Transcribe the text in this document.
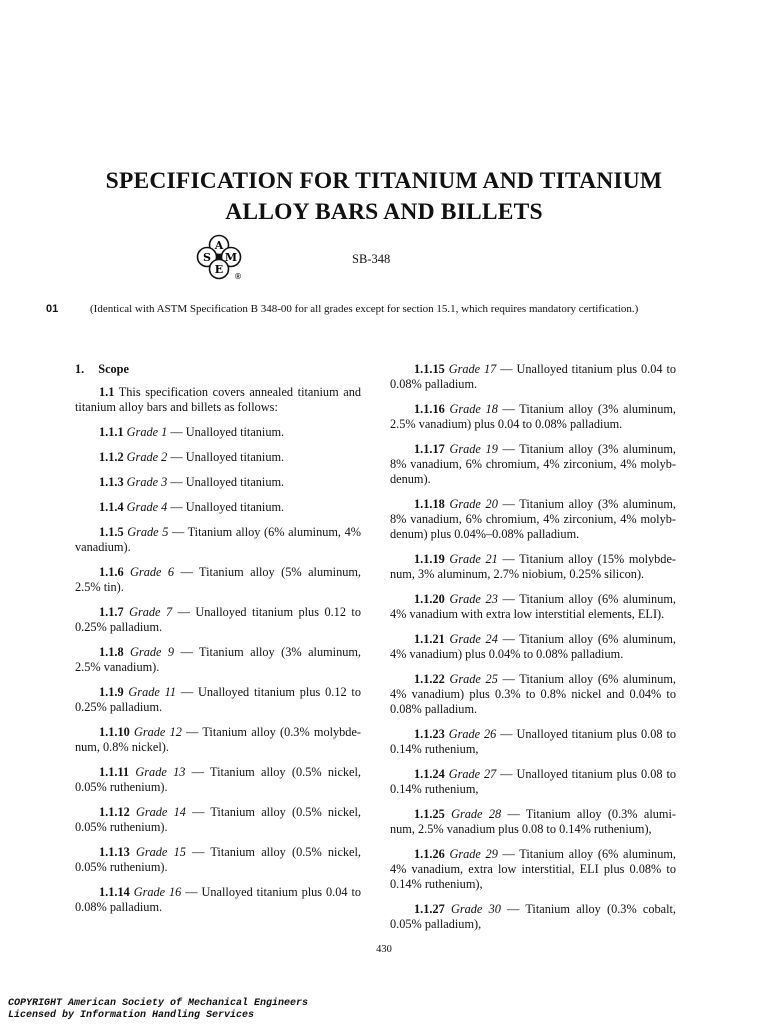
SPECIFICATION FOR TITANIUM AND TITANIUM
ALLOY BARS AND BILLETS
A
S M
E
®
SB-348
01	(Identical with ASTM Specification B 348-00 for all grades except for section 15.1, which requires mandatory certification.)
1. Scope

1.1 This specification covers annealed titanium and titanium alloy bars and billets as follows:

1.1.1 Grade 1 — Unalloyed titanium.

1.1.2 Grade 2 — Unalloyed titanium.

1.1.3 Grade 3 — Unalloyed titanium.

1.1.4 Grade 4 — Unalloyed titanium.

1.1.5 Grade 5 — Titanium alloy (6% aluminum, 4% vanadium).

1.1.6 Grade 6 — Titanium alloy (5% aluminum, 2.5% tin).

1.1.7 Grade 7 — Unalloyed titanium plus 0.12 to 0.25% palladium.

1.1.8 Grade 9 — Titanium alloy (3% aluminum, 2.5% vanadium).

1.1.9 Grade 11 — Unalloyed titanium plus 0.12 to 0.25% palladium.

1.1.10 Grade 12 — Titanium alloy (0.3% molybde-num, 0.8% nickel).

1.1.11 Grade 13 — Titanium alloy (0.5% nickel, 0.05% ruthenium).

1.1.12 Grade 14 — Titanium alloy (0.5% nickel, 0.05% ruthenium).

1.1.13 Grade 15 — Titanium alloy (0.5% nickel, 0.05% ruthenium).

1.1.14 Grade 16 — Unalloyed titanium plus 0.04 to 0.08% palladium.

1.1.15 Grade 17 — Unalloyed titanium plus 0.04 to 0.08% palladium.

1.1.16 Grade 18 — Titanium alloy (3% aluminum, 2.5% vanadium) plus 0.04 to 0.08% palladium.

1.1.17 Grade 19 — Titanium alloy (3% aluminum, 8% vanadium, 6% chromium, 4% zirconium, 4% molyb-denum).

1.1.18 Grade 20 — Titanium alloy (3% aluminum, 8% vanadium, 6% chromium, 4% zirconium, 4% molyb-denum) plus 0.04%–0.08% palladium.

1.1.19 Grade 21 — Titanium alloy (15% molybde-num, 3% aluminum, 2.7% niobium, 0.25% silicon).

1.1.20 Grade 23 — Titanium alloy (6% aluminum, 4% vanadium with extra low interstitial elements, ELI).

1.1.21 Grade 24 — Titanium alloy (6% aluminum, 4% vanadium) plus 0.04% to 0.08% palladium.

1.1.22 Grade 25 — Titanium alloy (6% aluminum, 4% vanadium) plus 0.3% to 0.8% nickel and 0.04% to 0.08% palladium.

1.1.23 Grade 26 — Unalloyed titanium plus 0.08 to 0.14% ruthenium,

1.1.24 Grade 27 — Unalloyed titanium plus 0.08 to 0.14% ruthenium,

1.1.25 Grade 28 — Titanium alloy (0.3% alumi-num, 2.5% vanadium plus 0.08 to 0.14% ruthenium),

1.1.26 Grade 29 — Titanium alloy (6% aluminum, 4% vanadium, extra low interstitial, ELI plus 0.08% to 0.14% ruthenium),

1.1.27 Grade 30 — Titanium alloy (0.3% cobalt, 0.05% palladium),

430
COPYRIGHT American Society of Mechanical Engineers
Licensed by Information Handling Services
